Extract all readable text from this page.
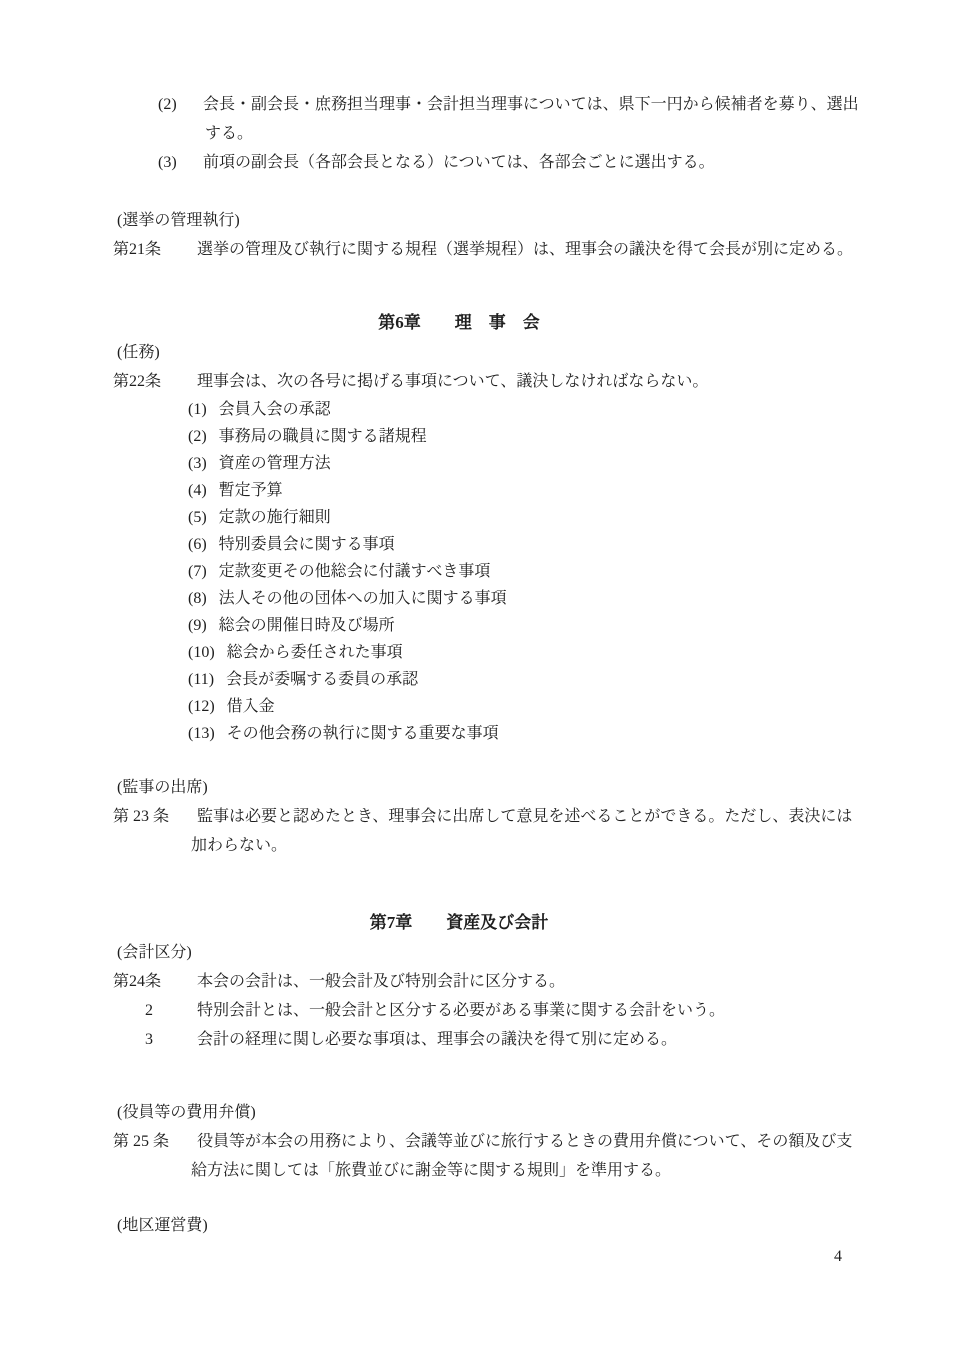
(2)	会長・副会長・庶務担当理事・会計担当理事については、県下一円から候補者を募り、選出
する。
(3)	前項の副会長（各部会長となる）については、各部会ごとに選出する。
(選挙の管理執行)
第21条	選挙の管理及び執行に関する規程（選挙規程）は、理事会の議決を得て会長が別に定める。
第6章　　理　事　会
(任務)
第22条	理事会は、次の各号に掲げる事項について、議決しなければならない。
(1) 会員入会の承認
(2) 事務局の職員に関する諸規程
(3) 資産の管理方法
(4) 暫定予算
(5) 定款の施行細則
(6) 特別委員会に関する事項
(7) 定款変更その他総会に付議すべき事項
(8) 法人その他の団体への加入に関する事項
(9) 総会の開催日時及び場所
(10) 総会から委任された事項
(11) 会長が委嘱する委員の承認
(12) 借入金
(13) その他会務の執行に関する重要な事項
(監事の出席)
第 23 条	監事は必要と認めたとき、理事会に出席して意見を述べることができる。ただし、表決には
加わらない。
第7章　　資産及び会計
(会計区分)
第24条	本会の会計は、一般会計及び特別会計に区分する。
2	特別会計とは、一般会計と区分する必要がある事業に関する会計をいう。
3	会計の経理に関し必要な事項は、理事会の議決を得て別に定める。
(役員等の費用弁償)
第 25 条	役員等が本会の用務により、会議等並びに旅行するときの費用弁償について、その額及び支
給方法に関しては「旅費並びに謝金等に関する規則」を準用する。
(地区運営費)
4
